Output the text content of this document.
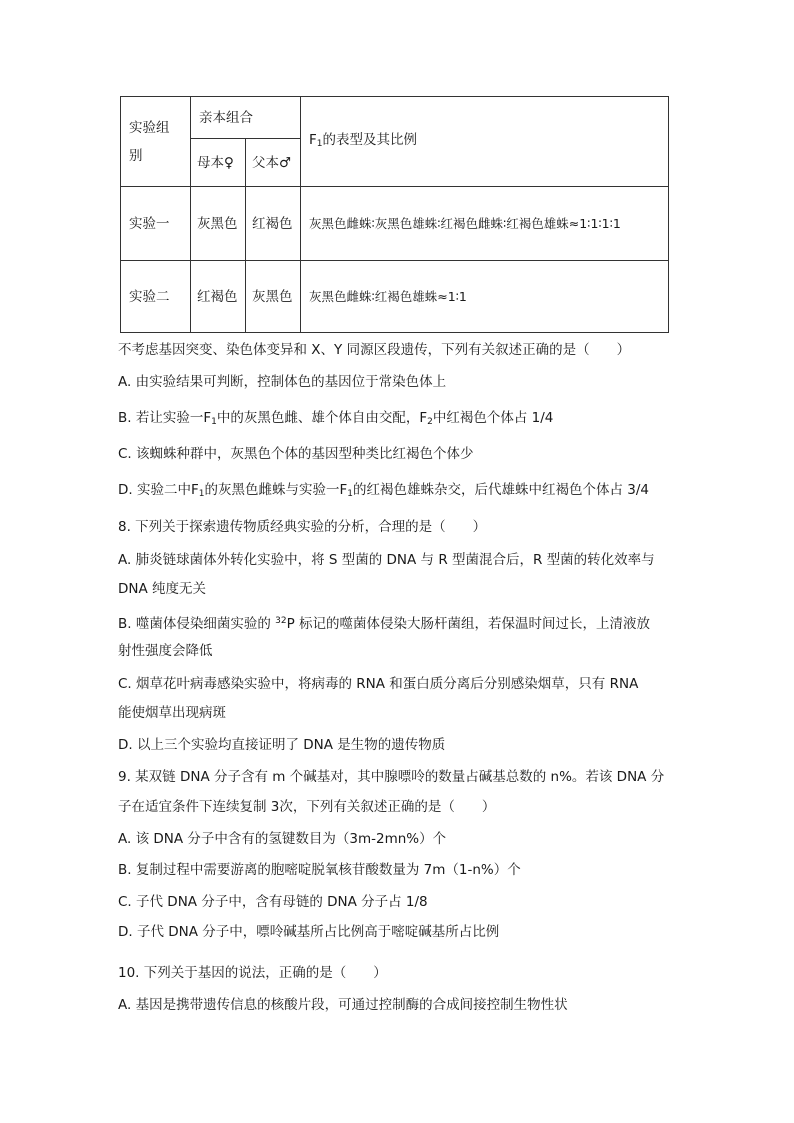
实验组别	亲本组合		$F_1$的表型及其比例
	母本♀	父本♂	
实验一	灰黑色	红褐色	灰黑色雌蛛∶灰黑色雄蛛∶红褐色雌蛛∶红褐色雄蛛≈1∶1∶1∶1
实验二	红褐色	灰黑色	灰黑色雌蛛∶红褐色雄蛛≈1∶1
不考虑基因突变、染色体变异和 X、Y 同源区段遗传，下列有关叙述正确的是（　　）
A. 由实验结果可判断，控制体色的基因位于常染色体上
B. 若让实验一$F_1$中的灰黑色雌、雄个体自由交配，$F_2$中红褐色个体占 1/4
C. 该蜘蛛种群中，灰黑色个体的基因型种类比红褐色个体少
D. 实验二中$F_1$的灰黑色雌蛛与实验一$F_1$的红褐色雄蛛杂交，后代雄蛛中红褐色个体占 3/4
8. 下列关于探索遗传物质经典实验的分析，合理的是（　　）
A. 肺炎链球菌体外转化实验中，将 S 型菌的 DNA 与 R 型菌混合后，R 型菌的转化效率与
DNA 纯度无关
B. 噬菌体侵染细菌实验的 $^{32}$P 标记的噬菌体侵染大肠杆菌组，若保温时间过长，上清液放
射性强度会降低
C. 烟草花叶病毒感染实验中，将病毒的 RNA 和蛋白质分离后分别感染烟草，只有 RNA
能使烟草出现病斑
D. 以上三个实验均直接证明了 DNA 是生物的遗传物质
9. 某双链 DNA 分子含有 m 个碱基对，其中腺嘌呤的数量占碱基总数的 n%。若该 DNA 分
子在适宜条件下连续复制 3次，下列有关叙述正确的是（　　）
A. 该 DNA 分子中含有的氢键数目为（3m-2mn%）个
B. 复制过程中需要游离的胞嘧啶脱氧核苷酸数量为 7m（1-n%）个
C. 子代 DNA 分子中，含有母链的 DNA 分子占 1/8
D. 子代 DNA 分子中，嘌呤碱基所占比例高于嘧啶碱基所占比例
10. 下列关于基因的说法，正确的是（　　）
A. 基因是携带遗传信息的核酸片段，可通过控制酶的合成间接控制生物性状
